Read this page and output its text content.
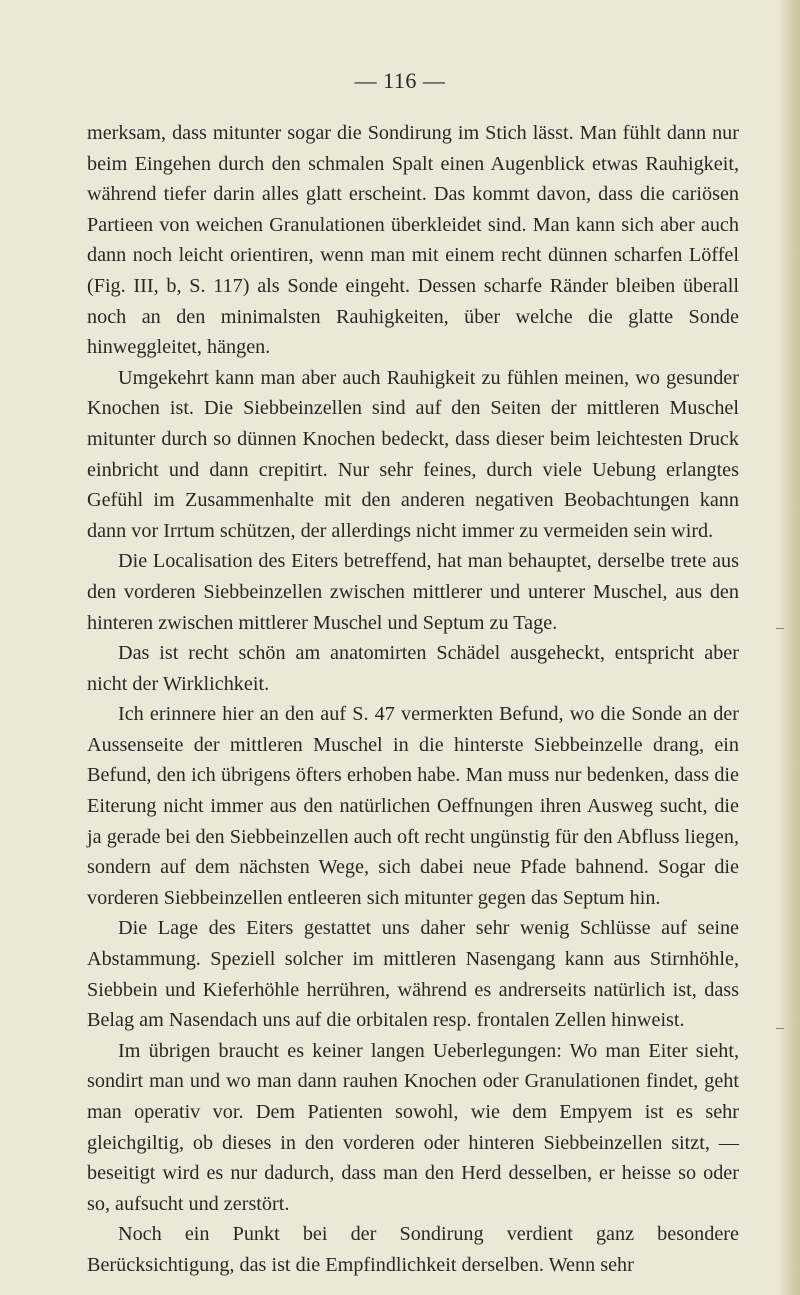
— 116 —

merksam, dass mitunter sogar die Sondirung im Stich lässt. Man fühlt dann nur beim Eingehen durch den schmalen Spalt einen Augenblick etwas Rauhigkeit, während tiefer darin alles glatt erscheint. Das kommt davon, dass die cariösen Partieen von weichen Granulationen überkleidet sind. Man kann sich aber auch dann noch leicht orientiren, wenn man mit einem recht dünnen scharfen Löffel (Fig. III, b, S. 117) als Sonde eingeht. Dessen scharfe Ränder bleiben überall noch an den minimalsten Rauhigkeiten, über welche die glatte Sonde hinweggleitet, hängen.

Umgekehrt kann man aber auch Rauhigkeit zu fühlen meinen, wo gesunder Knochen ist. Die Siebbeinzellen sind auf den Seiten der mittleren Muschel mitunter durch so dünnen Knochen bedeckt, dass dieser beim leichtesten Druck einbricht und dann crepitirt. Nur sehr feines, durch viele Uebung erlangtes Gefühl im Zusammenhalte mit den anderen negativen Beobachtungen kann dann vor Irrtum schützen, der allerdings nicht immer zu vermeiden sein wird.

Die Localisation des Eiters betreffend, hat man behauptet, derselbe trete aus den vorderen Siebbeinzellen zwischen mittlerer und unterer Muschel, aus den hinteren zwischen mittlerer Muschel und Septum zu Tage.

Das ist recht schön am anatomirten Schädel ausgeheckt, entspricht aber nicht der Wirklichkeit.

Ich erinnere hier an den auf S. 47 vermerkten Befund, wo die Sonde an der Aussenseite der mittleren Muschel in die hinterste Siebbeinzelle drang, ein Befund, den ich übrigens öfters erhoben habe. Man muss nur bedenken, dass die Eiterung nicht immer aus den natürlichen Oeffnungen ihren Ausweg sucht, die ja gerade bei den Siebbeinzellen auch oft recht ungünstig für den Abfluss liegen, sondern auf dem nächsten Wege, sich dabei neue Pfade bahnend. Sogar die vorderen Siebbeinzellen entleeren sich mitunter gegen das Septum hin.

Die Lage des Eiters gestattet uns daher sehr wenig Schlüsse auf seine Abstammung. Speziell solcher im mittleren Nasengang kann aus Stirnhöhle, Siebbein und Kieferhöhle herrühren, während es andrerseits natürlich ist, dass Belag am Nasendach uns auf die orbitalen resp. frontalen Zellen hinweist.

Im übrigen braucht es keiner langen Ueberlegungen: Wo man Eiter sieht, sondirt man und wo man dann rauhen Knochen oder Granulationen findet, geht man operativ vor. Dem Patienten sowohl, wie dem Empyem ist es sehr gleichgiltig, ob dieses in den vorderen oder hinteren Siebbeinzellen sitzt, — beseitigt wird es nur dadurch, dass man den Herd desselben, er heisse so oder so, aufsucht und zerstört.

Noch ein Punkt bei der Sondirung verdient ganz besondere Berücksichtigung, das ist die Empfindlichkeit derselben. Wenn sehr
